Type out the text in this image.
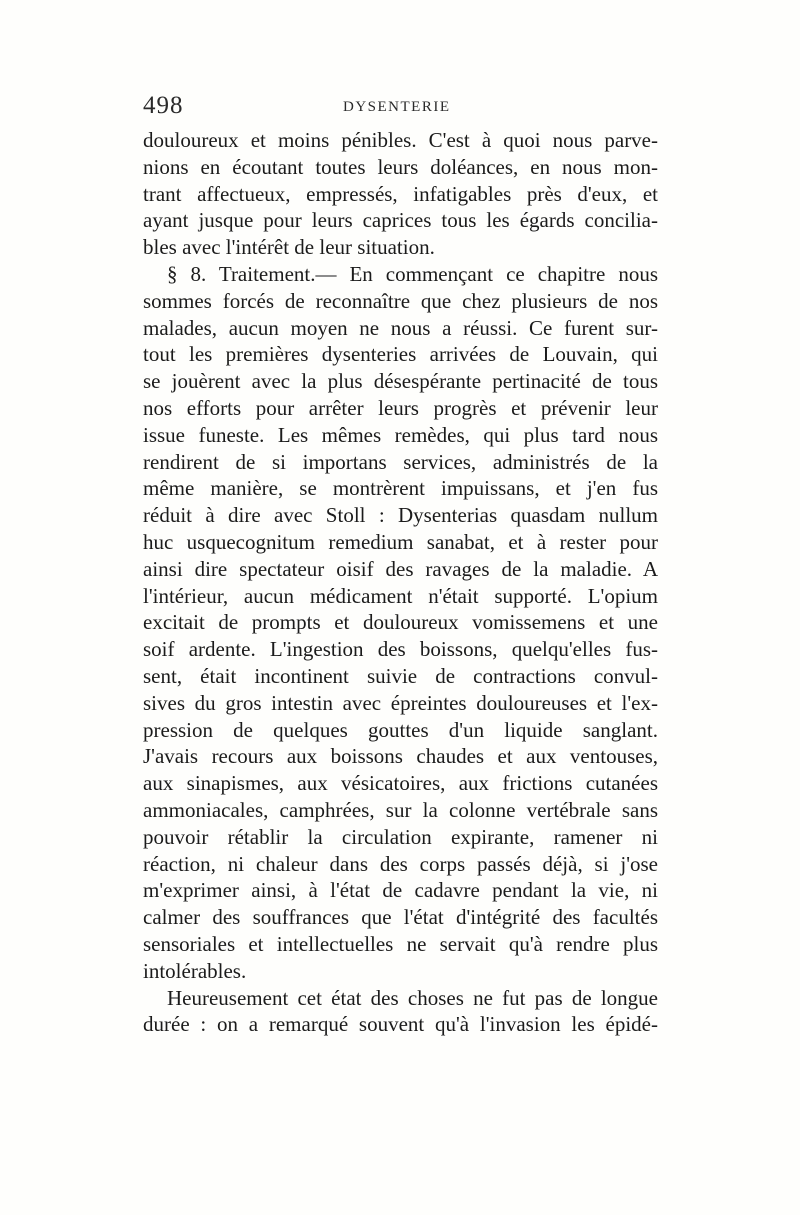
498	DYSENTERIE
douloureux et moins pénibles. C'est à quoi nous parve-
nions en écoutant toutes leurs doléances, en nous mon-
trant affectueux, empressés, infatigables près d'eux, et
ayant jusque pour leurs caprices tous les égards concilia-
bles avec l'intérêt de leur situation.
§ 8. Traitement.— En commençant ce chapitre nous
sommes forcés de reconnaître que chez plusieurs de nos
malades, aucun moyen ne nous a réussi. Ce furent sur-
tout les premières dysenteries arrivées de Louvain, qui
se jouèrent avec la plus désespérante pertinacité de tous
nos efforts pour arrêter leurs progrès et prévenir leur
issue funeste. Les mêmes remèdes, qui plus tard nous
rendirent de si importans services, administrés de la
même manière, se montrèrent impuissans, et j'en fus
réduit à dire avec Stoll : Dysenterias quasdam nullum
huc usquecognitum remedium sanabat, et à rester pour
ainsi dire spectateur oisif des ravages de la maladie. A
l'intérieur, aucun médicament n'était supporté. L'opium
excitait de prompts et douloureux vomissemens et une
soif ardente. L'ingestion des boissons, quelqu'elles fus-
sent, était incontinent suivie de contractions convul-
sives du gros intestin avec épreintes douloureuses et l'ex-
pression de quelques gouttes d'un liquide sanglant.
J'avais recours aux boissons chaudes et aux ventouses,
aux sinapismes, aux vésicatoires, aux frictions cutanées
ammoniacales, camphrées, sur la colonne vertébrale sans
pouvoir rétablir la circulation expirante, ramener ni
réaction, ni chaleur dans des corps passés déjà, si j'ose
m'exprimer ainsi, à l'état de cadavre pendant la vie, ni
calmer des souffrances que l'état d'intégrité des facultés
sensoriales et intellectuelles ne servait qu'à rendre plus
intolérables.
Heureusement cet état des choses ne fut pas de longue
durée : on a remarqué souvent qu'à l'invasion les épidé-
